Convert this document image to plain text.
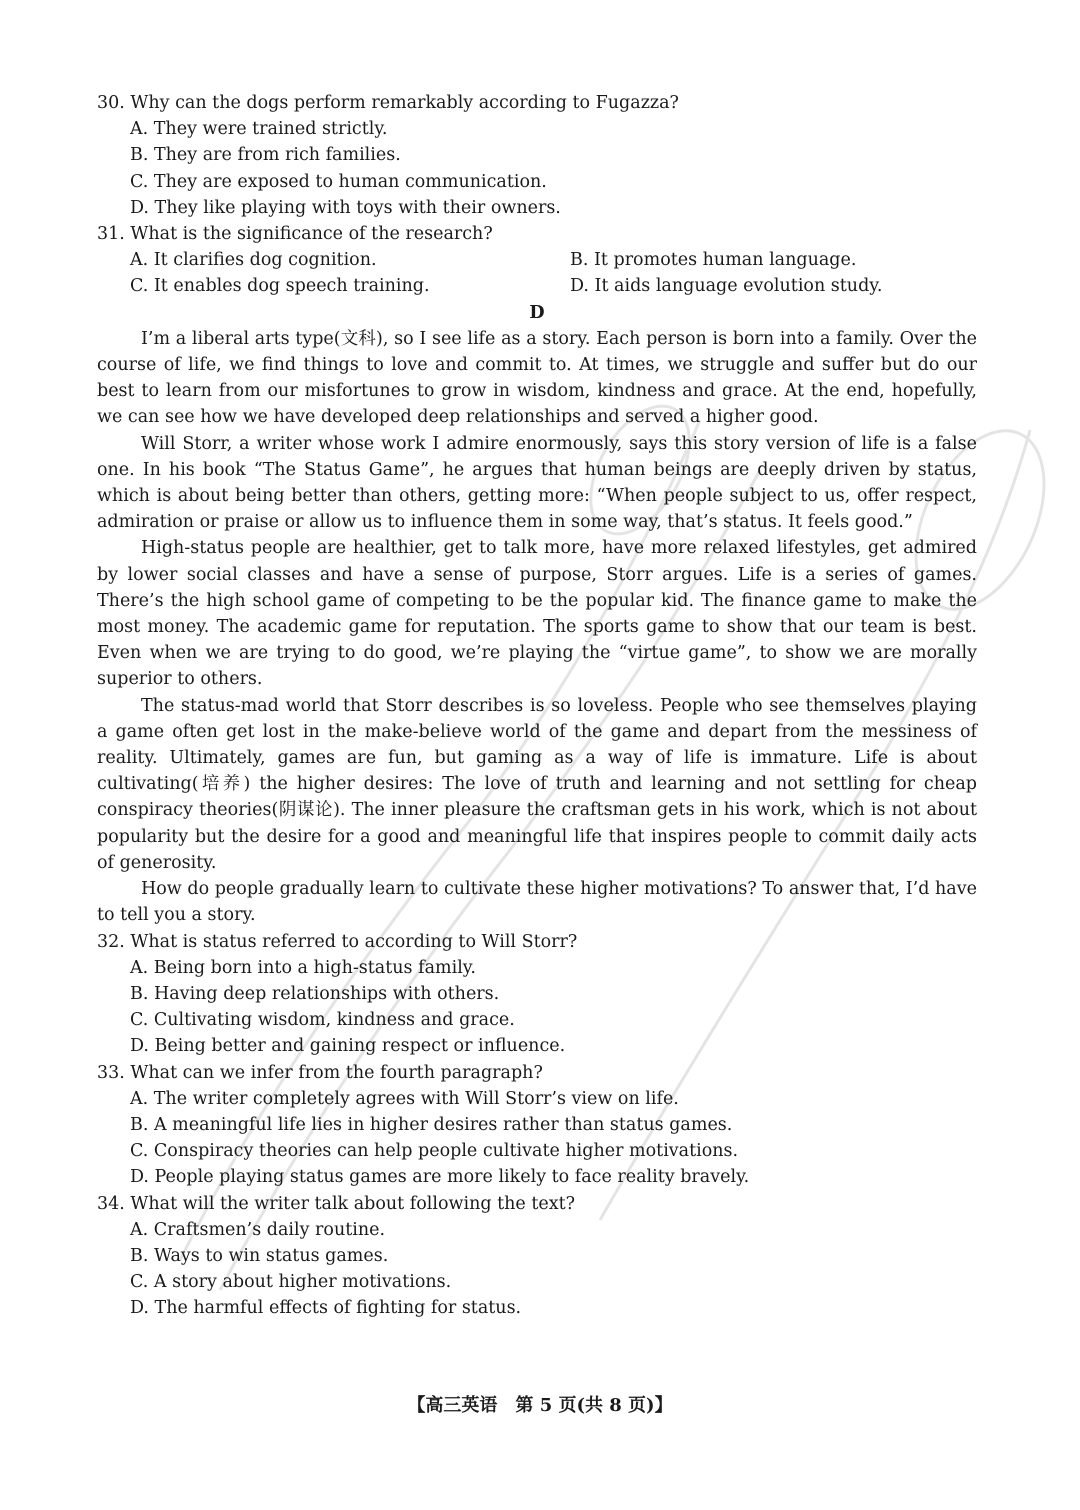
30. Why can the dogs perform remarkably according to Fugazza?
A. They were trained strictly.
B. They are from rich families.
C. They are exposed to human communication.
D. They like playing with toys with their owners.
31. What is the significance of the research?
A. It clarifies dog cognition.	B. It promotes human language.
C. It enables dog speech training.	D. It aids language evolution study.
D

I’m a liberal arts type(文科), so I see life as a story. Each person is born into a family. Over the course of life, we find things to love and commit to. At times, we struggle and suffer but do our best to learn from our misfortunes to grow in wisdom, kindness and grace. At the end, hopefully, we can see how we have developed deep relationships and served a higher good.

Will Storr, a writer whose work I admire enormously, says this story version of life is a false one. In his book “The Status Game”, he argues that human beings are deeply driven by status, which is about being better than others, getting more: “When people subject to us, offer respect, admiration or praise or allow us to influence them in some way, that’s status. It feels good.”

High-status people are healthier, get to talk more, have more relaxed lifestyles, get admired by lower social classes and have a sense of purpose, Storr argues. Life is a series of games. There’s the high school game of competing to be the popular kid. The finance game to make the most money. The academic game for reputation. The sports game to show that our team is best. Even when we are trying to do good, we’re playing the “virtue game”, to show we are morally superior to others.

The status-mad world that Storr describes is so loveless. People who see themselves playing a game often get lost in the make-believe world of the game and depart from the messiness of reality. Ultimately, games are fun, but gaming as a way of life is immature. Life is about cultivating(培养) the higher desires: The love of truth and learning and not settling for cheap conspiracy theories(阴谋论). The inner pleasure the craftsman gets in his work, which is not about popularity but the desire for a good and meaningful life that inspires people to commit daily acts of generosity.

How do people gradually learn to cultivate these higher motivations? To answer that, I’d have to tell you a story.

32. What is status referred to according to Will Storr?
A. Being born into a high-status family.
B. Having deep relationships with others.
C. Cultivating wisdom, kindness and grace.
D. Being better and gaining respect or influence.
33. What can we infer from the fourth paragraph?
A. The writer completely agrees with Will Storr’s view on life.
B. A meaningful life lies in higher desires rather than status games.
C. Conspiracy theories can help people cultivate higher motivations.
D. People playing status games are more likely to face reality bravely.
34. What will the writer talk about following the text?
A. Craftsmen’s daily routine.
B. Ways to win status games.
C. A story about higher motivations.
D. The harmful effects of fighting for status.
【高三英语　第 5 页(共 8 页)】
